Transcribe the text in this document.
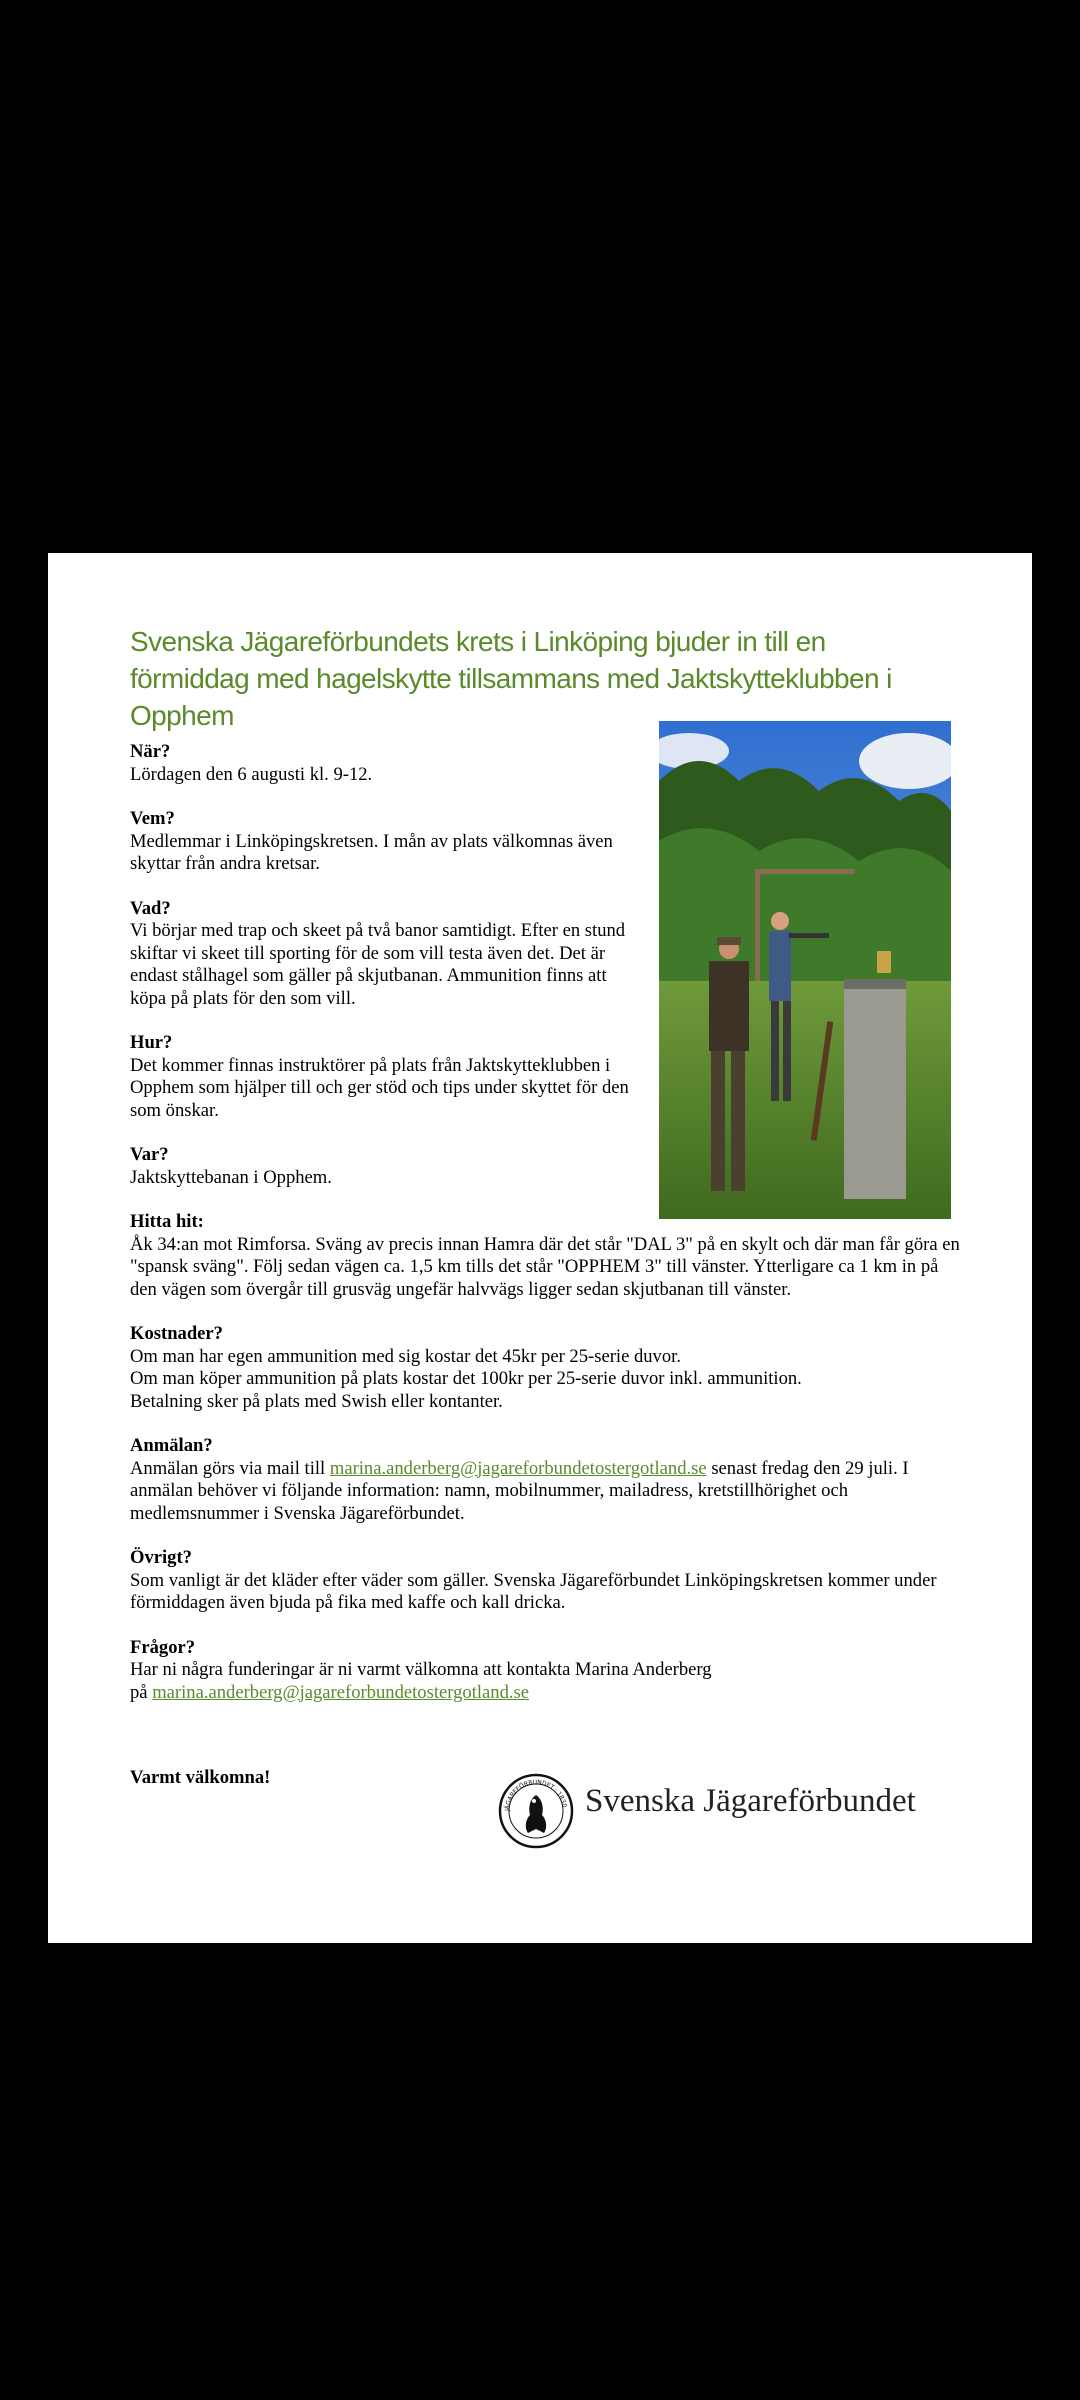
Svenska Jägareförbundets krets i Linköping bjuder in till en förmiddag med hagelskytte tillsammans med Jaktskytteklubben i Opphem
När?

Lördagen den 6 augusti kl. 9-12.

Vem?

Medlemmar i Linköpingskretsen. I mån av plats välkomnas även skyttar från andra kretsar.

Vad?

Vi börjar med trap och skeet på två banor samtidigt. Efter en stund skiftar vi skeet till sporting för de som vill testa även det. Det är endast stålhagel som gäller på skjutbanan. Ammunition finns att köpa på plats för den som vill.

Hur?

Det kommer finnas instruktörer på plats från Jaktskytteklubben i Opphem som hjälper till och ger stöd och tips under skyttet för den som önskar.

Var?

Jaktskyttebanan i Opphem.

Hitta hit:

Åk 34:an mot Rimforsa. Sväng av precis innan Hamra där det står "DAL 3" på en skylt och där man får göra en "spansk sväng". Följ sedan vägen ca. 1,5 km tills det står "OPPHEM 3" till vänster. Ytterligare ca 1 km in på den vägen som övergår till grusväg ungefär halvvägs ligger sedan skjutbanan till vänster.

Kostnader?

Om man har egen ammunition med sig kostar det 45kr per 25-serie duvor.

Om man köper ammunition på plats kostar det 100kr per 25-serie duvor inkl. ammunition.

Betalning sker på plats med Swish eller kontanter.

Anmälan?

Anmälan görs via mail till marina.anderberg@jagareforbundetostergotland.se senast fredag den 29 juli. I anmälan behöver vi följande information: namn, mobilnummer, mailadress, kretstillhörighet och medlemsnummer i Svenska Jägareförbundet.

Övrigt?

Som vanligt är det kläder efter väder som gäller. Svenska Jägareförbundet Linköpingskretsen kommer under förmiddagen även bjuda på fika med kaffe och kall dricka.

Frågor?

Har ni några funderingar är ni varmt välkomna att kontakta Marina Anderberg

på marina.anderberg@jagareforbundetostergotland.se

Varmt välkomna!
JÄGAREFÖRBUNDET · 1830 Svenska Jägareförbundet
